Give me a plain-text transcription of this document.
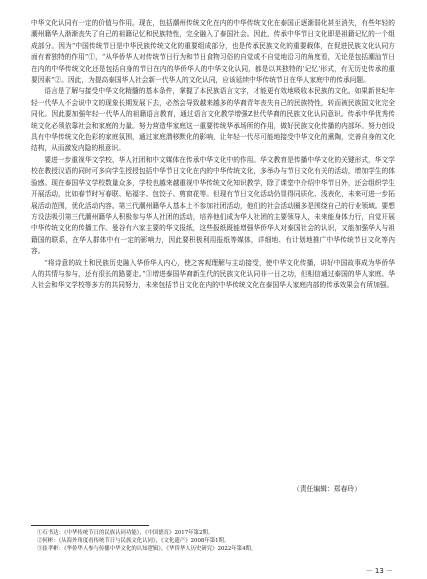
中华文化认同有一定的价值与作用。现在，包括潮州传统文化在内的中华传统文化在泰国正逐渐弱化甚至消失，有些年轻的潮州籍华人渐渐丧失了自己的祖籍记忆和民族特性，完全融入了泰国社会。因此，传承中华节日文化即是祖籍记忆的一个组成部分。因为“中国传统节日是中华民族传统文化的重要组成部分，也是传承民族文化的重要载体，在促进民族文化认同方面有着独特的作用”①，“从华侨华人对传统节日行为和节日食物习俗的自觉或不自觉地沿习的角度看，无论是包括潮汕节日在内的中华传统文化还是包括自身的节日在内的华侨华人的中华文化认同，都是以其独特的‘记忆’形式，有无历史传承的重要因素”②。因此，为提高泰国华人社会新一代华人的文化认同，应该延续中华传统节日在华人家庭中的传承问题。

语言是了解与接受中华文化精髓的基本条件，掌握了本民族语言文字，才能更有效地吸收本民族的文化。如果新世纪年轻一代华人不会说中文的现象长期发展下去，必然会导致越来越多的华裔青年丧失自己的民族特性，转而被民族国文化完全同化。因此要加强年轻一代华人的祖籍语言教育，通过语言文化教学增强Z世代华裔的民族文化认同意识。传承中华优秀传统文化必须依靠社会和家庭的力量。努力营造华家庭这一重要传统华承场所的作用，做好民族文化传播的内部环。努力创设具有中华传统文化色彩的家庭氛围，通过家庭潜移默化的影响，让年轻一代尽可能地接受中华文化的熏陶，完善自身的文化结构，从而激发内隐的根意识。

要进一步重视华文学校、华人社团和中文媒体在传承中华文化中的作用。华文教育是传播中华文化的关键形式，华文学校在教授汉语的同时可多向学生授授包括中华节日文化在内的中华传统文化，多举办与节日文化有关的活动，增加学生的体验感。现在泰国华文学校数量众多，学校也越来越重视中华传统文化知识教学，除了课堂中介绍中华节日外，还会组织学生开展活动，比如春节时写春联、贴福字、包饺子、剪窗花等。但现有节日文化活动仍显得同质化、浅表化，未来可进一步拓展活动范围，优化活动内容。第三代潮州籍华人基本上不参加社团活动，他们的社会活动圈多是围绕自己的行业领域。要想方设法吸引第三代潮州籍华人积极参与华人社团的活动，培养他们成为华人社团的主要领导人，未来能身体力行，自觉开展中华传统文化的传播工作。曼谷有六家主要的华文报纸，这些报纸既能增强华侨华人对泰国社会的认识，又能加强华人与祖籍国的联系，在华人群体中有一定的影响力，因此要积极利用报纸等媒体，详细地、有计划地推广中华传统节日文化等内容。

“将诗意的故土和民族历史融入华侨华人内心，使之客观理解与主动接受，使中华文化传播，讲好中国故事成为华侨华人的共情与参与，还有很长的路要走。”③增进泰国华裔新生代的民族文化认同非一日之功，但相信通过泰国的华人家庭、华人社会和华文学校等多方的共同努力，未来包括节日文化在内的中华传统文化在泰国华人家庭内部的传承效果会有所加强。

（责任编辑：郑春玲）

①石书达：《中华传统节日的民族认同功能》，《中国德育》2017年第2期。

②何彬：《从海外角度看传统节日与民族文化认同》，《文化遗产》2008年第1期。

③崔孝彬：《华侨华人参与传播中华文化的认知逻辑》，《华侨华人历史研究》2022年第4期。

－ 13 －
